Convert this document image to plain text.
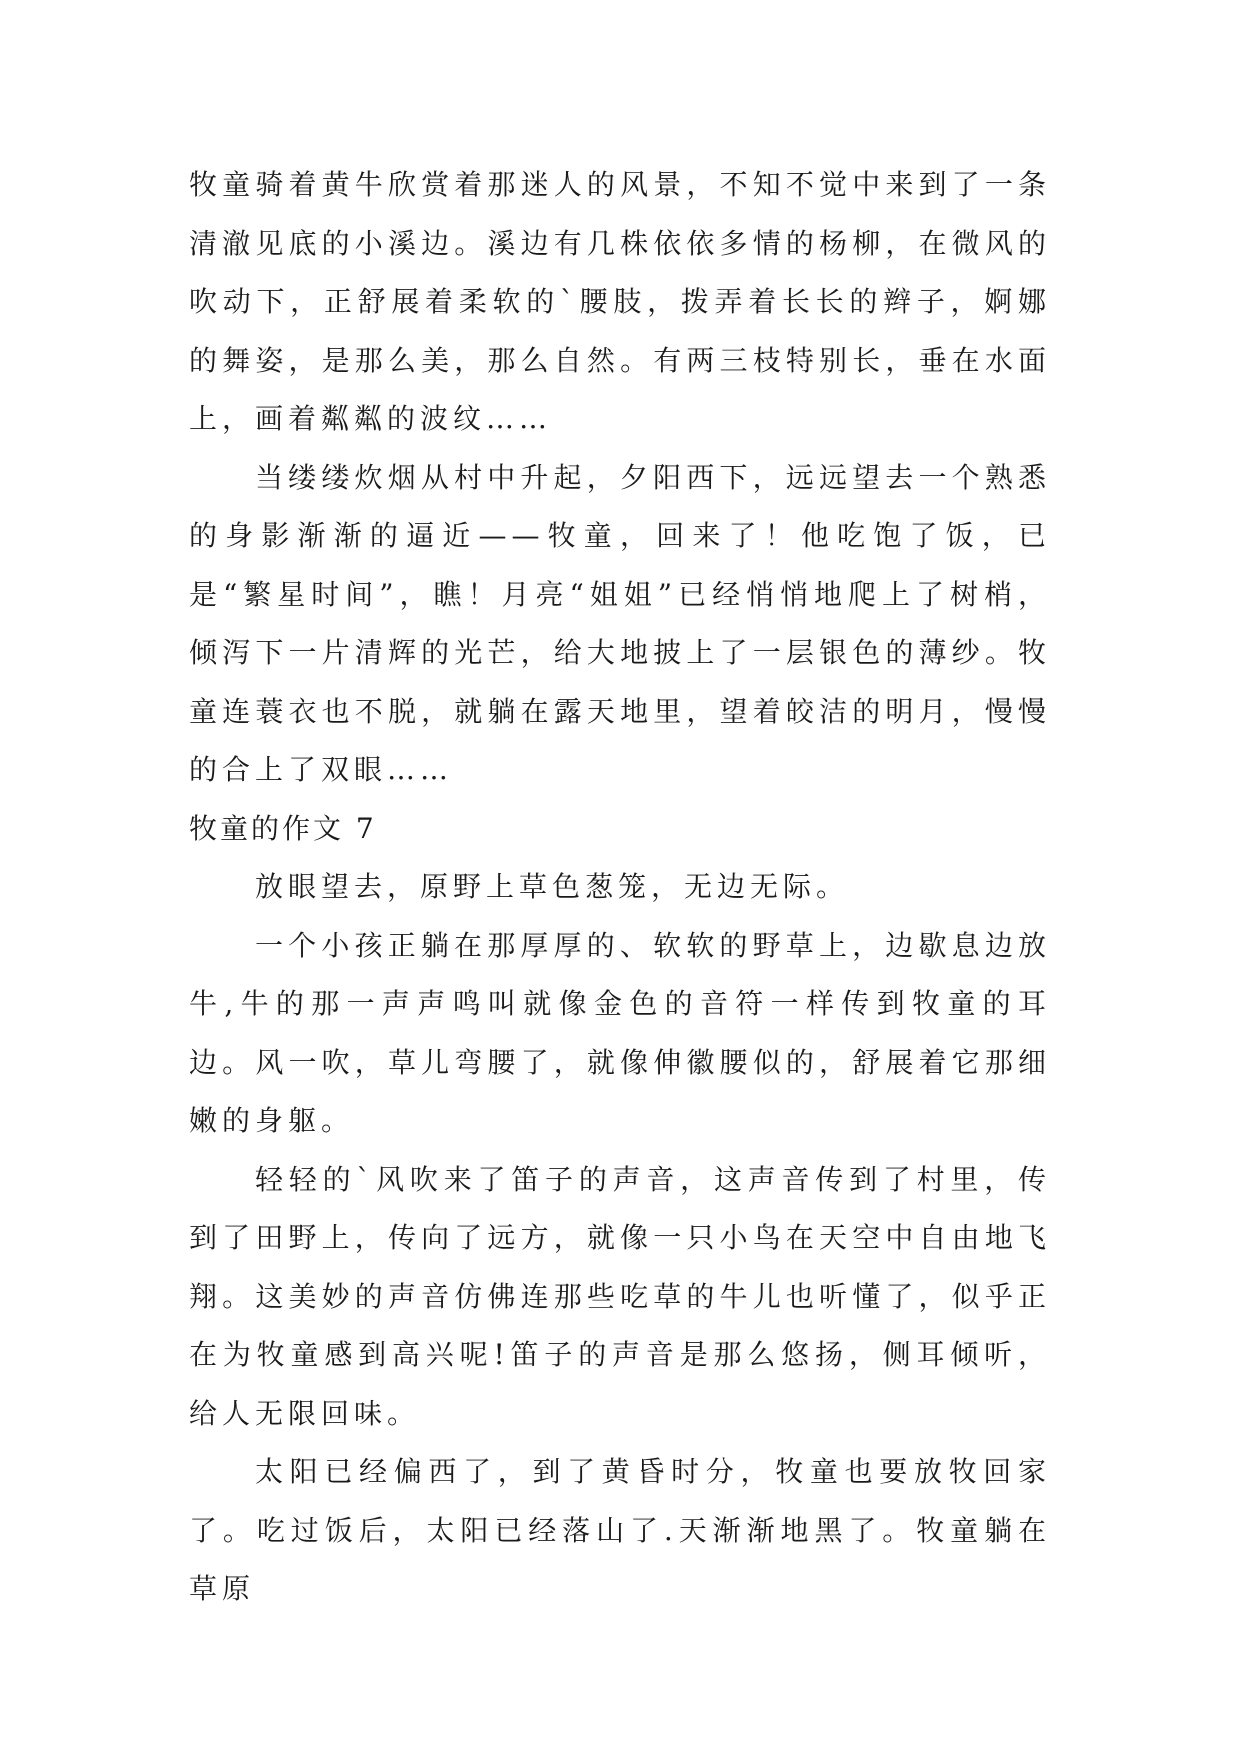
牧童骑着黄牛欣赏着那迷人的风景，不知不觉中来到了一条清澈见底的小溪边。溪边有几株依依多情的杨柳，在微风的吹动下，正舒展着柔软的`腰肢，拨弄着长长的辫子，婀娜的舞姿，是那么美，那么自然。有两三枝特别长，垂在水面上，画着粼粼的波纹……

当缕缕炊烟从村中升起，夕阳西下，远远望去一个熟悉的身影渐渐的逼近——牧童，回来了！他吃饱了饭，已是“繁星时间”，瞧！月亮“姐姐”已经悄悄地爬上了树梢，倾泻下一片清辉的光芒，给大地披上了一层银色的薄纱。牧童连蓑衣也不脱，就躺在露天地里，望着皎洁的明月，慢慢的合上了双眼……

牧童的作文 7

放眼望去，原野上草色葱笼，无边无际。

一个小孩正躺在那厚厚的、软软的野草上，边歇息边放牛,牛的那一声声鸣叫就像金色的音符一样传到牧童的耳边。风一吹，草儿弯腰了，就像伸徽腰似的，舒展着它那细嫩的身躯。

轻轻的`风吹来了笛子的声音，这声音传到了村里，传到了田野上，传向了远方，就像一只小鸟在天空中自由地飞翔。这美妙的声音仿佛连那些吃草的牛儿也听懂了，似乎正在为牧童感到高兴呢!笛子的声音是那么悠扬，侧耳倾听，给人无限回味。

太阳已经偏西了，到了黄昏时分，牧童也要放牧回家了。吃过饭后，太阳已经落山了.天渐渐地黑了。牧童躺在草原
